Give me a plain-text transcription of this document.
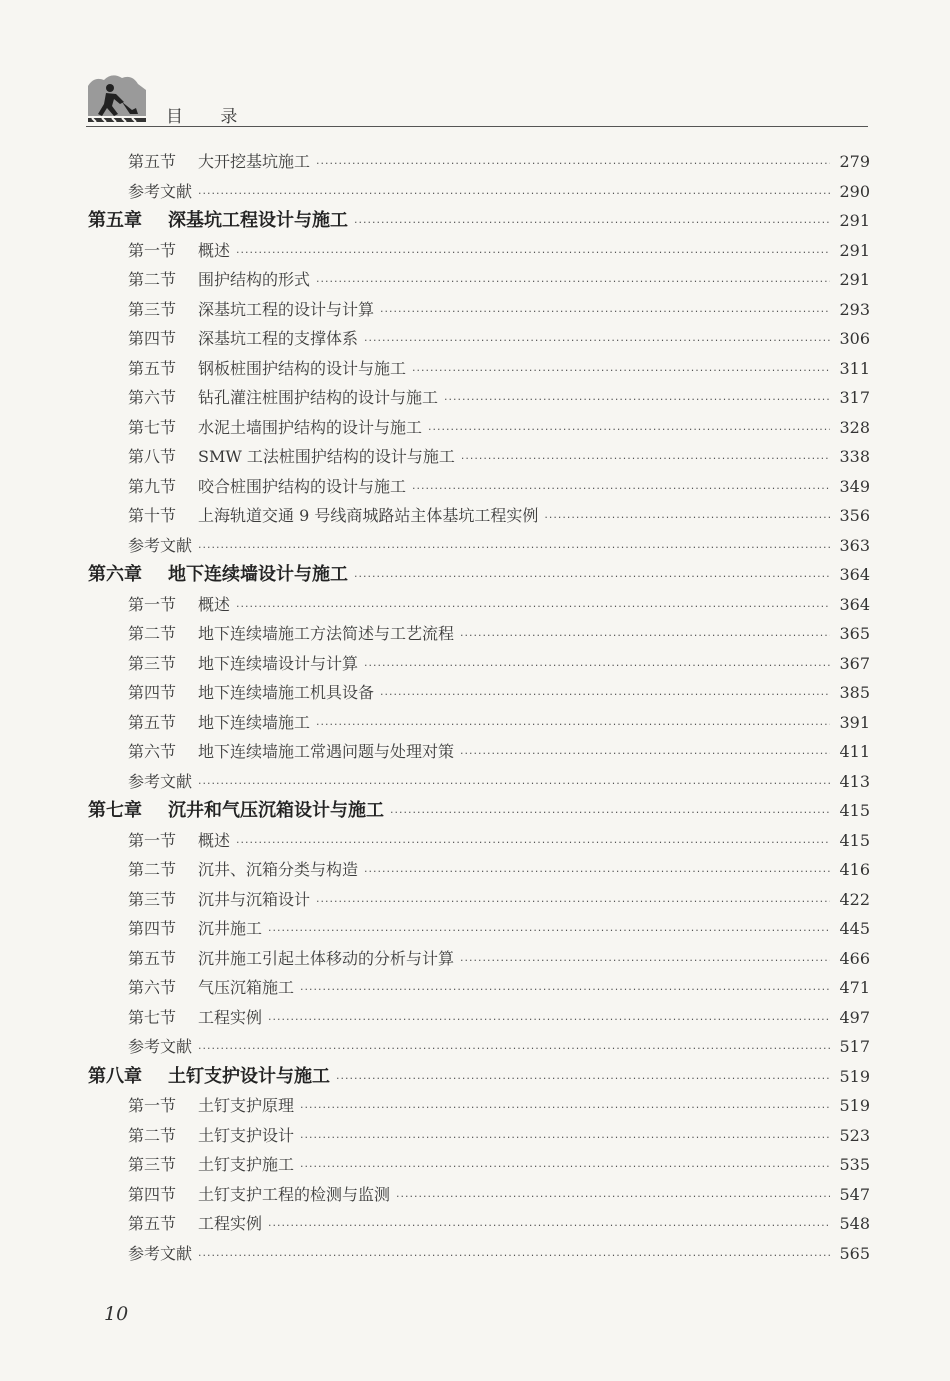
目 录
第五节	大开挖基坑施工 ·····	279
参考文献 ·····	290
第五章	深基坑工程设计与施工 ·····	291
第一节	概述 ·····	291
第二节	围护结构的形式 ·····	291
第三节	深基坑工程的设计与计算 ·····	293
第四节	深基坑工程的支撑体系 ·····	306
第五节	钢板桩围护结构的设计与施工 ·····	311
第六节	钻孔灌注桩围护结构的设计与施工 ·····	317
第七节	水泥土墙围护结构的设计与施工 ·····	328
第八节	SMW 工法桩围护结构的设计与施工 ·····	338
第九节	咬合桩围护结构的设计与施工 ·····	349
第十节	上海轨道交通 9 号线商城路站主体基坑工程实例 ·····	356
参考文献 ·····	363
第六章	地下连续墙设计与施工 ·····	364
第一节	概述 ·····	364
第二节	地下连续墙施工方法简述与工艺流程 ·····	365
第三节	地下连续墙设计与计算 ·····	367
第四节	地下连续墙施工机具设备 ·····	385
第五节	地下连续墙施工 ·····	391
第六节	地下连续墙施工常遇问题与处理对策 ·····	411
参考文献 ·····	413
第七章	沉井和气压沉箱设计与施工 ·····	415
第一节	概述 ·····	415
第二节	沉井、沉箱分类与构造 ·····	416
第三节	沉井与沉箱设计 ·····	422
第四节	沉井施工 ·····	445
第五节	沉井施工引起土体移动的分析与计算 ·····	466
第六节	气压沉箱施工 ·····	471
第七节	工程实例 ·····	497
参考文献 ·····	517
第八章	土钉支护设计与施工 ·····	519
第一节	土钉支护原理 ·····	519
第二节	土钉支护设计 ·····	523
第三节	土钉支护施工 ·····	535
第四节	土钉支护工程的检测与监测 ·····	547
第五节	工程实例 ·····	548
参考文献 ·····	565
10
